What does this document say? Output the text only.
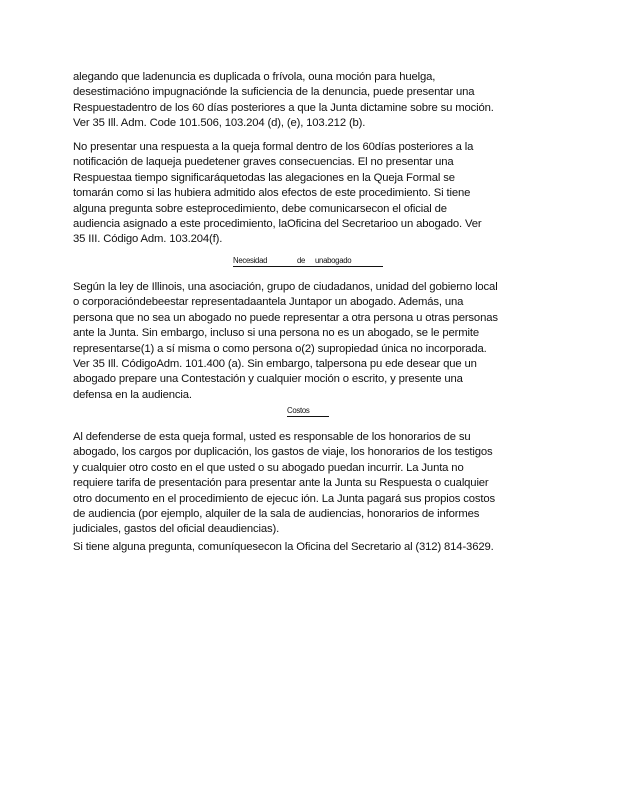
alegando que ladenuncia es duplicada o frívola, ouna moción para huelga,
desestimacióno impugnaciónde la suficiencia de la denuncia, puede presentar una
Respuestadentro de los 60 días posteriores a que la Junta dictamine sobre su moción.
Ver 35 Ill. Adm. Code 101.506, 103.204 (d), (e), 103.212 (b).
No presentar una respuesta a la queja formal dentro de los 60días posteriores a la
notificación de laqueja puedetener graves consecuencias. El no presentar una
Respuestaa tiempo significaráquetodas las alegaciones en la Queja Formal se
tomarán como si las hubiera admitido alos efectos de este procedimiento. Si tiene
alguna pregunta sobre esteprocedimiento, debe comunicarsecon el oficial de
audiencia asignado a este procedimiento, laOficina del Secretarioo un abogado. Ver
35 III. Código Adm. 103.204(f).
Necesidad	de unabogado
Según la ley de Illinois, una asociación, grupo de ciudadanos, unidad del gobierno local
o corporacióndebeestar representadaantela Juntapor un abogado. Además, una
persona que no sea un abogado no puede representar a otra persona u otras personas
ante la Junta. Sin embargo, incluso si una persona no es un abogado, se le permite
representarse(1) a sí misma o como persona o(2) supropiedad única no incorporada.
Ver 35 Ill. CódigoAdm. 101.400 (a). Sin embargo, talpersona pu ede desear que un
abogado prepare una Contestación y cualquier moción o escrito, y presente una
defensa en la audiencia.
Costos
Al defenderse de esta queja formal, usted es responsable de los honorarios de su
abogado, los cargos por duplicación, los gastos de viaje, los honorarios de los testigos
y cualquier otro costo en el que usted o su abogado puedan incurrir. La Junta no
requiere tarifa de presentación para presentar ante la Junta su Respuesta o cualquier
otro documento en el procedimiento de ejecuc ión. La Junta pagará sus propios costos
de audiencia (por ejemplo, alquiler de la sala de audiencias, honorarios de informes
judiciales, gastos del oficial deaudiencias).
Si tiene alguna pregunta, comuníquesecon la Oficina del Secretario al (312) 814-3629.
